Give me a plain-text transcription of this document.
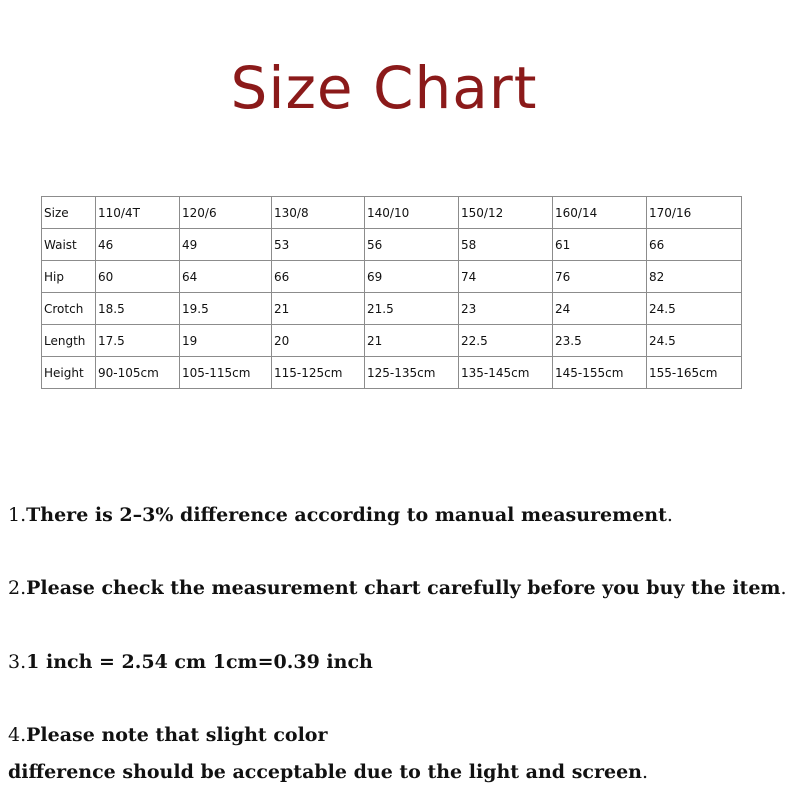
Size Chart
Size	110/4T	120/6	130/8	140/10	150/12	160/14	170/16
Waist	46	49	53	56	58	61	66
Hip	60	64	66	69	74	76	82
Crotch	18.5	19.5	21	21.5	23	24	24.5
Length	17.5	19	20	21	22.5	23.5	24.5
Height	90-105cm	105-115cm	115-125cm	125-135cm	135-145cm	145-155cm	155-165cm
1.There is 2–3% difference according to manual measurement.
2.Please check the measurement chart carefully before you buy the item.
3.1 inch = 2.54 cm 1cm=0.39 inch
4.Please note that slight color
difference should be acceptable due to the light and screen.
